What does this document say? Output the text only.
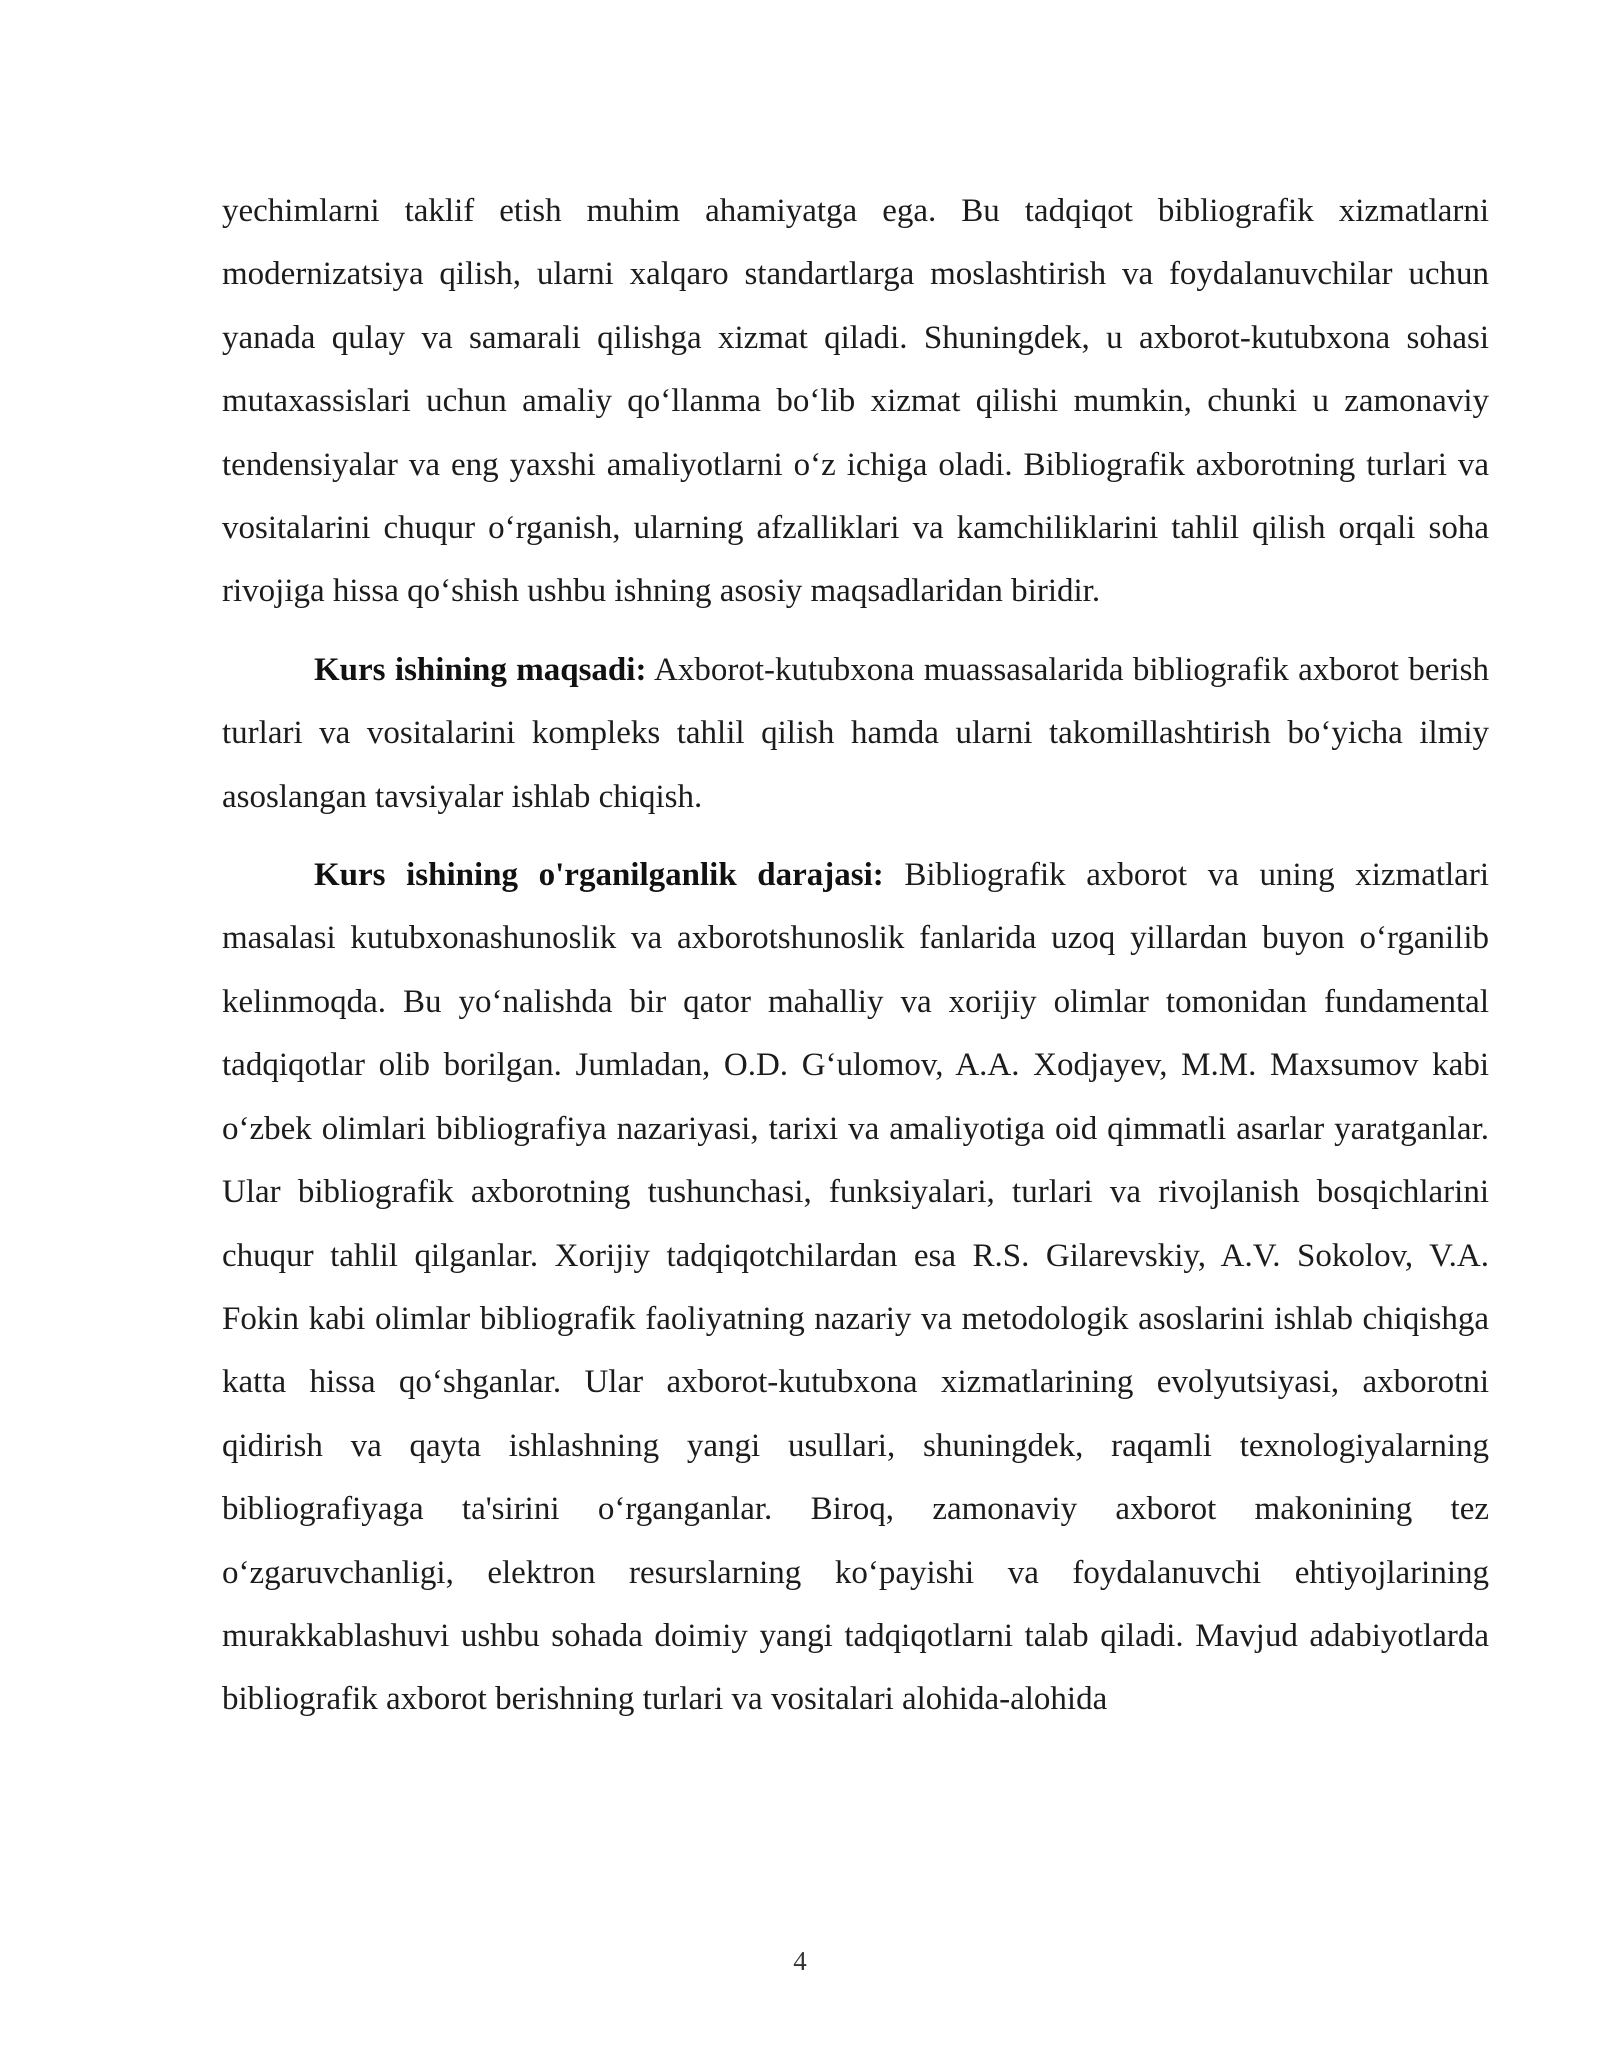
yechimlarni taklif etish muhim ahamiyatga ega. Bu tadqiqot bibliografik xizmatlarni modernizatsiya qilish, ularni xalqaro standartlarga moslashtirish va foydalanuvchilar uchun yanada qulay va samarali qilishga xizmat qiladi. Shuningdek, u axborot-kutubxona sohasi mutaxassislari uchun amaliy qo‘llanma bo‘lib xizmat qilishi mumkin, chunki u zamonaviy tendensiyalar va eng yaxshi amaliyotlarni o‘z ichiga oladi. Bibliografik axborotning turlari va vositalarini chuqur o‘rganish, ularning afzalliklari va kamchiliklarini tahlil qilish orqali soha rivojiga hissa qo‘shish ushbu ishning asosiy maqsadlaridan biridir.

Kurs ishining maqsadi: Axborot-kutubxona muassasalarida bibliografik axborot berish turlari va vositalarini kompleks tahlil qilish hamda ularni takomillashtirish bo‘yicha ilmiy asoslangan tavsiyalar ishlab chiqish.

Kurs ishining o'rganilganlik darajasi: Bibliografik axborot va uning xizmatlari masalasi kutubxonashunoslik va axborotshunoslik fanlarida uzoq yillardan buyon o‘rganilib kelinmoqda. Bu yo‘nalishda bir qator mahalliy va xorijiy olimlar tomonidan fundamental tadqiqotlar olib borilgan. Jumladan, O.D. G‘ulomov, A.A. Xodjayev, M.M. Maxsumov kabi o‘zbek olimlari bibliografiya nazariyasi, tarixi va amaliyotiga oid qimmatli asarlar yaratganlar. Ular bibliografik axborotning tushunchasi, funksiyalari, turlari va rivojlanish bosqichlarini chuqur tahlil qilganlar. Xorijiy tadqiqotchilardan esa R.S. Gilarevskiy, A.V. Sokolov, V.A. Fokin kabi olimlar bibliografik faoliyatning nazariy va metodologik asoslarini ishlab chiqishga katta hissa qo‘shganlar. Ular axborot-kutubxona xizmatlarining evolyutsiyasi, axborotni qidirish va qayta ishlashning yangi usullari, shuningdek, raqamli texnologiyalarning bibliografiyaga ta'sirini o‘rganganlar. Biroq, zamonaviy axborot makonining tez o‘zgaruvchanligi, elektron resurslarning ko‘payishi va foydalanuvchi ehtiyojlarining murakkablashuvi ushbu sohada doimiy yangi tadqiqotlarni talab qiladi. Mavjud adabiyotlarda bibliografik axborot berishning turlari va vositalari alohida-alohida

4
